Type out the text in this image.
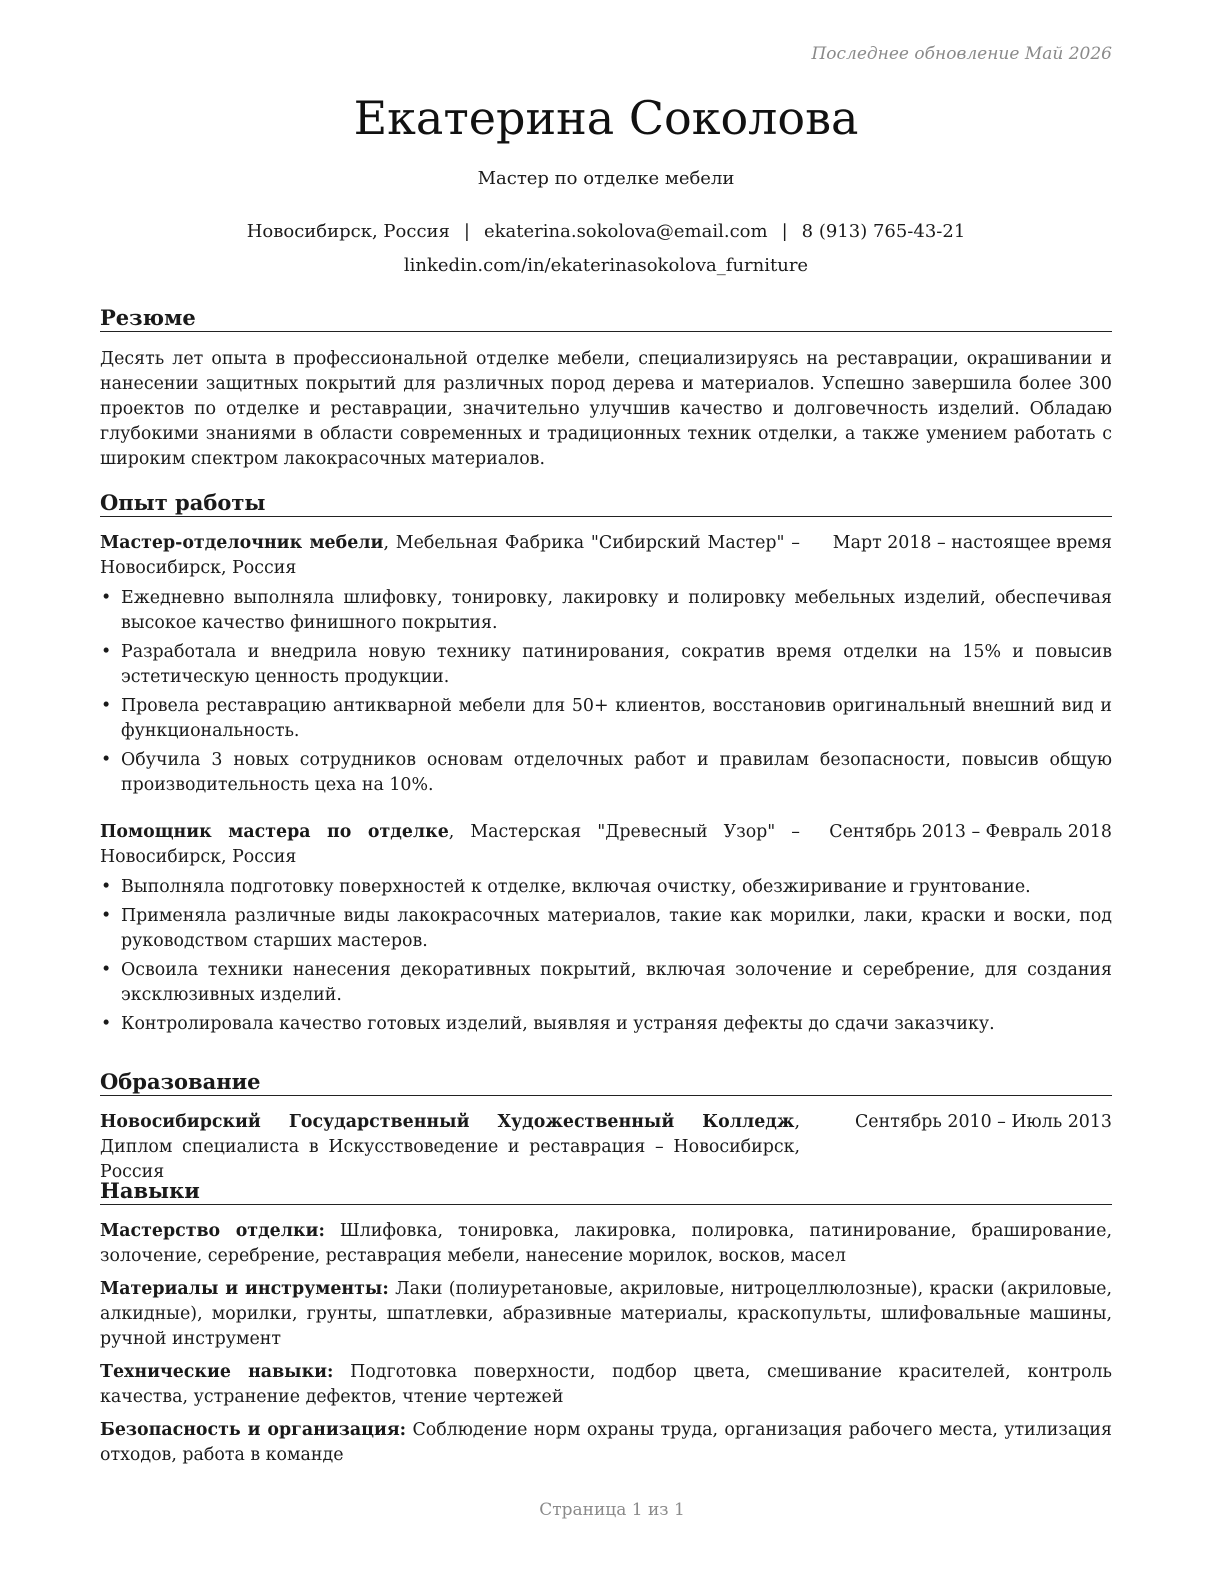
Последнее обновление Май 2026
Екатерина Соколова
Мастер по отделке мебели
Новосибирск, Россия | ekaterina.sokolova@email.com | 8 (913) 765-43-21
linkedin.com/in/ekaterinasokolova_furniture
Резюме

Десять лет опыта в профессиональной отделке мебели, специализируясь на реставрации, окрашивании и нанесении защитных покрытий для различных пород дерева и материалов. Успешно завершила более 300 проектов по отделке и реставрации, значительно улучшив качество и долговечность изделий. Обладаю глубокими знаниями в области современных и традиционных техник отделки, а также умением работать с широким спектром лакокрасочных материалов.

Опыт работы
Мастер-отделочник мебели, Мебельная Фабрика "Сибирский Мастер" – Новосибирск, Россия
Март 2018 – настоящее время
• Ежедневно выполняла шлифовку, тонировку, лакировку и полировку мебельных изделий, обеспечивая высокое качество финишного покрытия.
• Разработала и внедрила новую технику патинирования, сократив время отделки на 15% и повысив эстетическую ценность продукции.
• Провела реставрацию антикварной мебели для 50+ клиентов, восстановив оригинальный внешний вид и функциональность.
• Обучила 3 новых сотрудников основам отделочных работ и правилам безопасности, повысив общую производительность цеха на 10%.
Помощник мастера по отделке, Мастерская "Древесный Узор" – Новосибирск, Россия
Сентябрь 2013 – Февраль 2018
• Выполняла подготовку поверхностей к отделке, включая очистку, обезжиривание и грунтование.
• Применяла различные виды лакокрасочных материалов, такие как морилки, лаки, краски и воски, под руководством старших мастеров.
• Освоила техники нанесения декоративных покрытий, включая золочение и серебрение, для создания эксклюзивных изделий.
• Контролировала качество готовых изделий, выявляя и устраняя дефекты до сдачи заказчику.
Образование
Новосибирский Государственный Художественный Колледж, Диплом специалиста в Искусствоведение и реставрация – Новосибирск, Россия
Сентябрь 2010 – Июль 2013
Навыки

Мастерство отделки: Шлифовка, тонировка, лакировка, полировка, патинирование, браширование, золочение, серебрение, реставрация мебели, нанесение морилок, восков, масел

Материалы и инструменты: Лаки (полиуретановые, акриловые, нитроцеллюлозные), краски (акриловые, алкидные), морилки, грунты, шпатлевки, абразивные материалы, краскопульты, шлифовальные машины, ручной инструмент

Технические навыки: Подготовка поверхности, подбор цвета, смешивание красителей, контроль качества, устранение дефектов, чтение чертежей

Безопасность и организация: Соблюдение норм охраны труда, организация рабочего места, утилизация отходов, работа в команде

Страница 1 из 1
